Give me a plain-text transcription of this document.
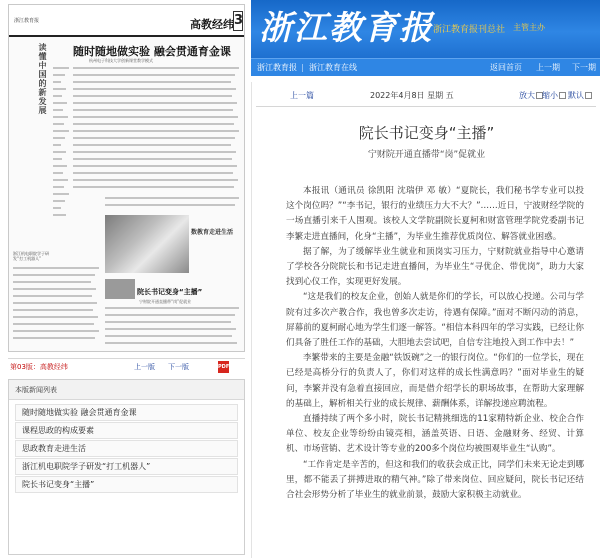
浙江教育报	高教经纬 3
读懂中国的新发展 随时随地做实验 融会贯通育金课
杭州电子科技大学创新课堂教学模式
数教育走进生活
浙江机电职院学子研发“打工机器人”
院长书记变身“主播”
宁财院开通直播带“岗”促就业
第03版：高教经纬	上一版 下一版	PDF
本版新闻列表
随时随地做实验 融会贯通育金课
课程思政的构成要素
思政教育走进生活
浙江机电职院学子研发“打工机器人”
院长书记变身“主播”
浙江教育报 浙江教育报刊总社 主管主办
浙江教育报 | 浙江教育在线	返回首页 上一期 下一期
上一篇	2022年4月8日 星期 五	放大 缩小	默认
院长书记变身“主播”
宁财院开通直播带“岗”促就业

本报讯（通讯员 徐凯阳 沈瑞伊 邓 敏）“夏院长，我们秘书学专业可以投这个岗位吗？”“李书记，银行的业绩压力大不大？”……近日，宁波财经学院的一场直播引来千人围观。该校人文学院副院长夏柯和财富管理学院党委副书记李繁走进直播间，化身“主播”，为毕业生推荐优质岗位、解答就业困惑。

据了解，为了缓解毕业生就业和顶岗实习压力，宁财院就业指导中心邀请了学校各分院院长和书记走进直播间，为毕业生“寻优企、带优岗”，助力大家找到心仪工作，实现更好发展。

“这是我们的校友企业，创始人就是你们的学长，可以放心投递。公司与学院有过多次产教合作，我也曾多次走访，待遇有保障。”面对不断闪动的消息，屏幕前的夏柯耐心地为学生们逐一解答。“相信本科四年的学习实践，已经让你们具备了胜任工作的基础，大胆地去尝试吧，自信专注地投入到工作中去！”

李繁带来的主要是金融“铁饭碗”之一的银行岗位。“你们的一位学长，现在已经是高桥分行的负责人了，你们对这样的成长性满意吗？”面对毕业生的疑问，李繁并没有急着直接回应，而是借介绍学长的职场故事，在帮助大家理解的基础上，解析相关行业的成长规律、薪酬体系，详解投递应聘流程。

直播持续了两个多小时，院长书记精挑细选的11家精特新企业、校企合作单位、校友企业等纷纷由镜亮相，涵盖英语、日语、金融财务、经贸、计算机、市场营销、艺术设计等专业的200多个岗位均被围观毕业生“认购”。

“工作肯定是辛苦的，但这和我们的收获会成正比，同学们未来无论走到哪里，都不能丢了拼搏进取的精气神。”除了带来岗位、回应疑问，院长书记还结合社会形势分析了毕业生的就业前景，鼓励大家积极主动就业。
